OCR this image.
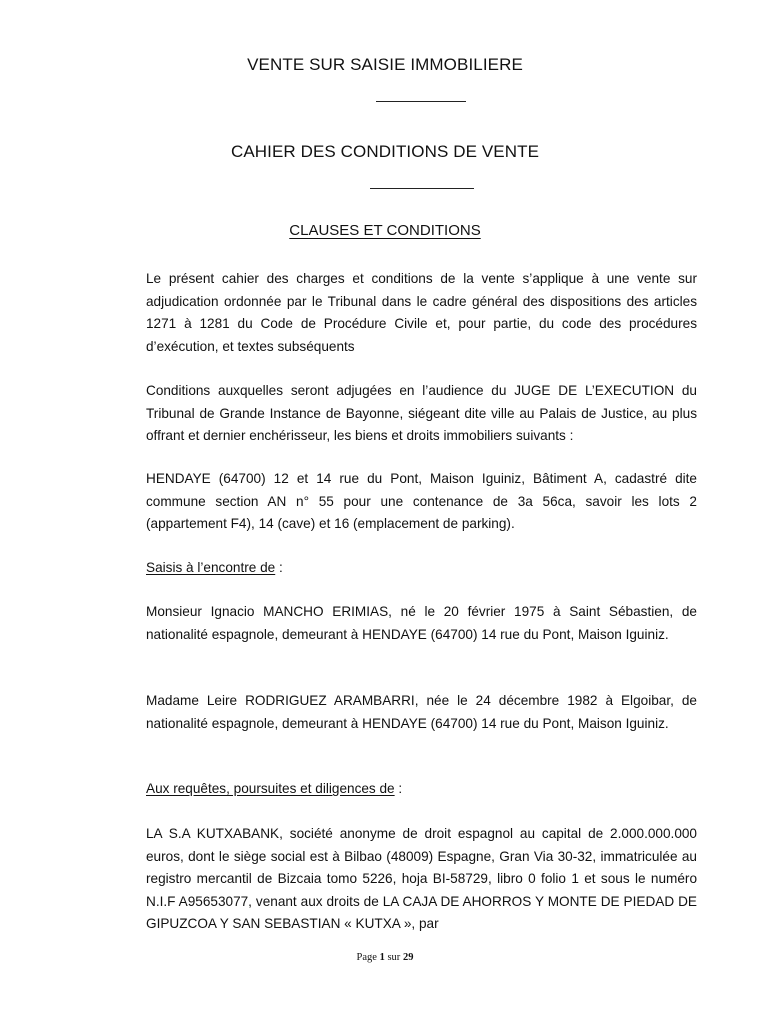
VENTE SUR SAISIE IMMOBILIERE
CAHIER DES CONDITIONS DE VENTE
CLAUSES ET CONDITIONS

Le présent cahier des charges et conditions de la vente s’applique à une vente sur adjudication ordonnée par le Tribunal dans le cadre général des dispositions des articles 1271 à 1281 du Code de Procédure Civile et, pour partie, du code des procédures d’exécution, et textes subséquents

Conditions auxquelles seront adjugées en l’audience du JUGE DE L’EXECUTION du Tribunal de Grande Instance de Bayonne, siégeant dite ville au Palais de Justice, au plus offrant et dernier enchérisseur, les biens et droits immobiliers suivants :

HENDAYE (64700) 12 et 14 rue du Pont, Maison Iguiniz, Bâtiment A, cadastré dite commune section AN n° 55 pour une contenance de 3a 56ca, savoir les lots 2 (appartement F4), 14 (cave) et 16 (emplacement de parking).

Saisis à l’encontre de :

Monsieur Ignacio MANCHO ERIMIAS, né le 20 février 1975 à Saint Sébastien, de nationalité espagnole, demeurant à HENDAYE (64700) 14 rue du Pont, Maison Iguiniz.

Madame Leire RODRIGUEZ ARAMBARRI, née le 24 décembre 1982 à Elgoibar, de nationalité espagnole, demeurant à HENDAYE (64700) 14 rue du Pont, Maison Iguiniz.

Aux requêtes, poursuites et diligences de :

LA S.A KUTXABANK, société anonyme de droit espagnol au capital de 2.000.000.000 euros, dont le siège social est à Bilbao (48009) Espagne, Gran Via 30-32, immatriculée au registro mercantil de Bizcaia tomo 5226, hoja BI-58729, libro 0 folio 1 et sous le numéro N.I.F A95653077, venant aux droits de LA CAJA DE AHORROS Y MONTE DE PIEDAD DE GIPUZCOA Y SAN SEBASTIAN « KUTXA », par

Page 1 sur 29
